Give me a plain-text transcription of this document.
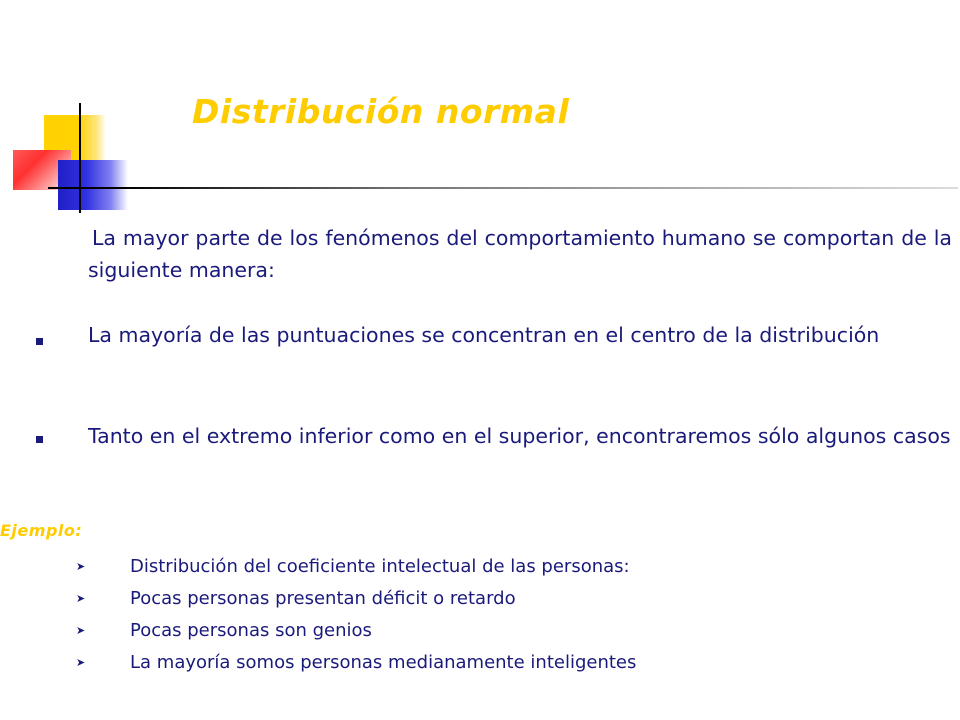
Distribución normal
La mayor parte de los fenómenos del comportamiento humano se comportan de la siguiente manera:
La mayoría de las puntuaciones se concentran en el centro de la distribución
Tanto en el extremo inferior como en el superior, encontraremos sólo algunos casos
Ejemplo:
➤ Distribución del coeficiente intelectual de las personas:
➤ Pocas personas presentan déficit o retardo
➤ Pocas personas son genios
➤ La mayoría somos personas medianamente inteligentes
